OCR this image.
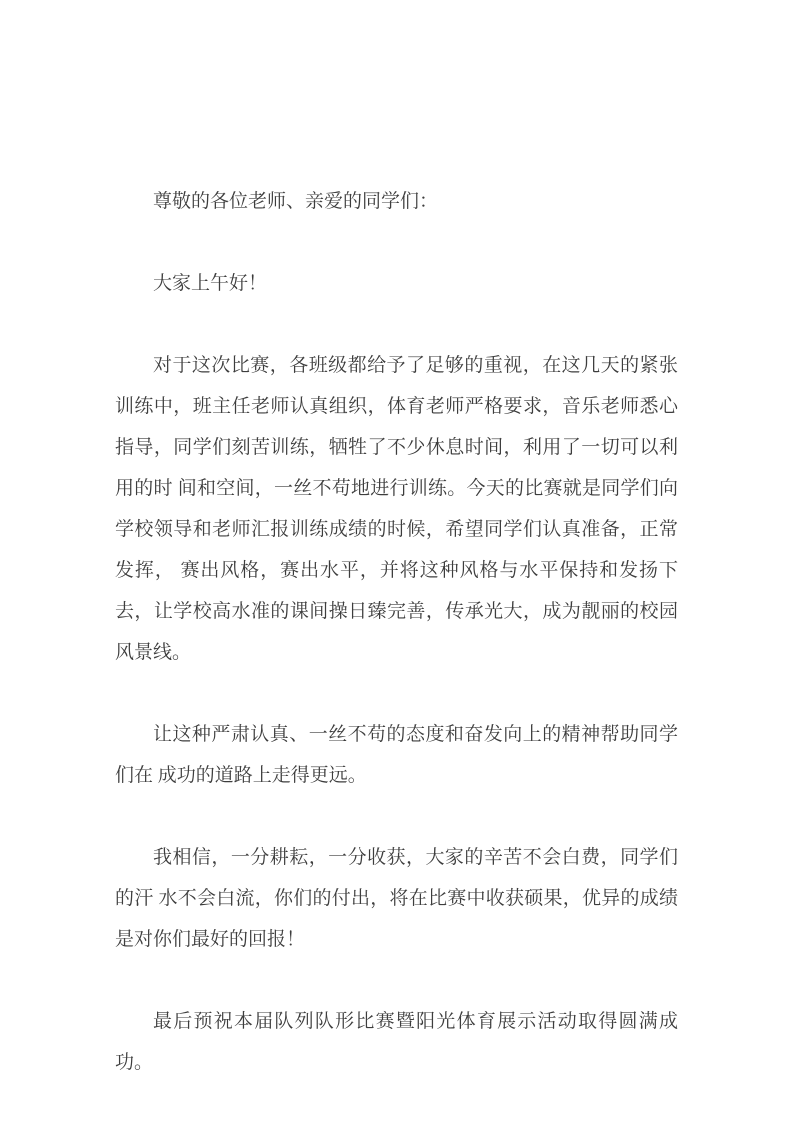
尊敬的各位老师、亲爱的同学们：

大家上午好！

对于这次比赛，各班级都给予了足够的重视，在这几天的紧张训练中，班主任老师认真组织，体育老师严格要求，音乐老师悉心指导，同学们刻苦训练，牺牲了不少休息时间，利用了一切可以利用的时 间和空间，一丝不苟地进行训练。今天的比赛就是同学们向学校领导和老师汇报训练成绩的时候，希望同学们认真准备，正常发挥， 赛出风格，赛出水平，并将这种风格与水平保持和发扬下去，让学校高水准的课间操日臻完善，传承光大，成为靓丽的校园风景线。

让这种严肃认真、一丝不苟的态度和奋发向上的精神帮助同学们在 成功的道路上走得更远。

我相信，一分耕耘，一分收获，大家的辛苦不会白费，同学们的汗 水不会白流，你们的付出，将在比赛中收获硕果，优异的成绩是对你们最好的回报！

最后预祝本届队列队形比赛暨阳光体育展示活动取得圆满成功。
